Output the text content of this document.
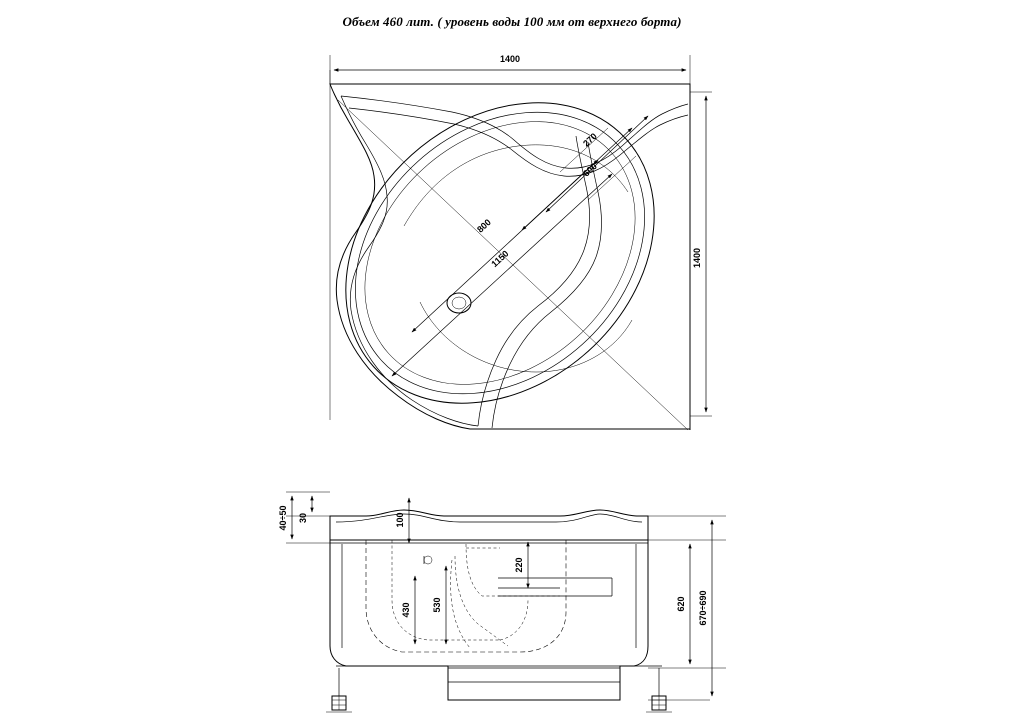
Объем 460 лит. ( уровень воды 100 мм от верхнего борта)
1400
1400
1150
800
600
270
40÷50 30	100
220
430 530	620 670÷690
